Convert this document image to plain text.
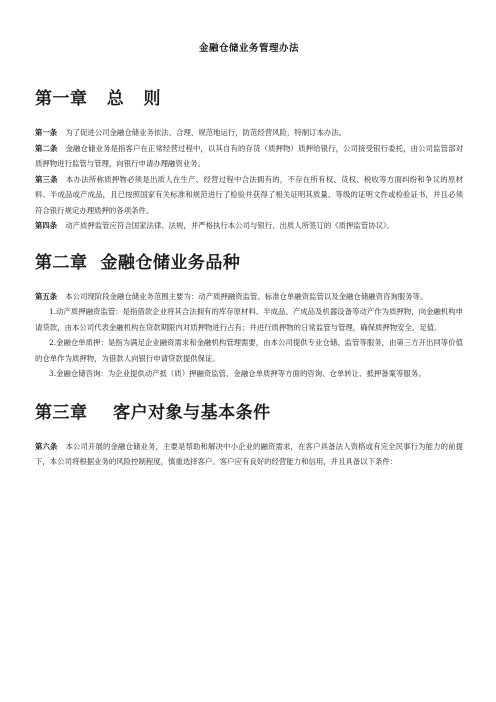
金融仓储业务管理办法
第一章   总   则

第一条 为了促进公司金融仓储业务依法、合理、规范地运行，防范经营风险，特制订本办法。

第二条 金融仓储业务是指客户在正常经营过程中，以其自有的存货（质押物）质押给银行，公司接受银行委托，由公司监管部对质押物进行监管与管理，向银行申请办理融资业务。

第三条 本办法所称质押物必须是出质人在生产、经营过程中合法拥有的，不存在所有权、货权、税收等方面纠纷和争议的原材料、半成品或产成品，且已按照国家有关标准和规范进行了检验并获得了相关证明其质量、等级的证明文件或检验证书，并且必须符合银行规定办理质押的各项条件。

第四条 动产质押监管应符合国家法律、法规，并严格执行本公司与银行、出质人所签订的《质押监管协议》。

第二章  金融仓储业务品种

第五条 本公司现阶段金融仓储业务范围主要为：动产质押融资监管、标准仓单融资监管以及金融仓储融资咨询服务等。

1.动产质押融资监管：是指借款企业将其合法拥有的库存原材料、半成品、产成品及机器设备等动产作为质押物，向金融机构申请贷款，由本公司代表金融机构在贷款期限内对质押物进行占有；并进行质押物的日常监管与管理，确保质押物安全、足值。

2.金融仓单质押：是指为满足企业融资需求和金融机构管理需要，由本公司提供专业仓储、监管等服务，由第三方开出同等价值的仓单作为质押物，为借款人向银行申请贷款提供保证。

3.金融仓储咨询：为企业提供动产抵（质）押融资监管、金融仓单质押等方面的咨询、仓单转让、抵押备案等服务。

第三章    客户对象与基本条件

第六条 本公司开展的金融仓储业务，主要是帮助和解决中小企业的融资需求，在客户具备法人资格或有完全民事行为能力的前提下，本公司将根据业务的风险控制程度，慎重选择客户。客户应有良好的经营能力和信用，并且具备以下条件：
